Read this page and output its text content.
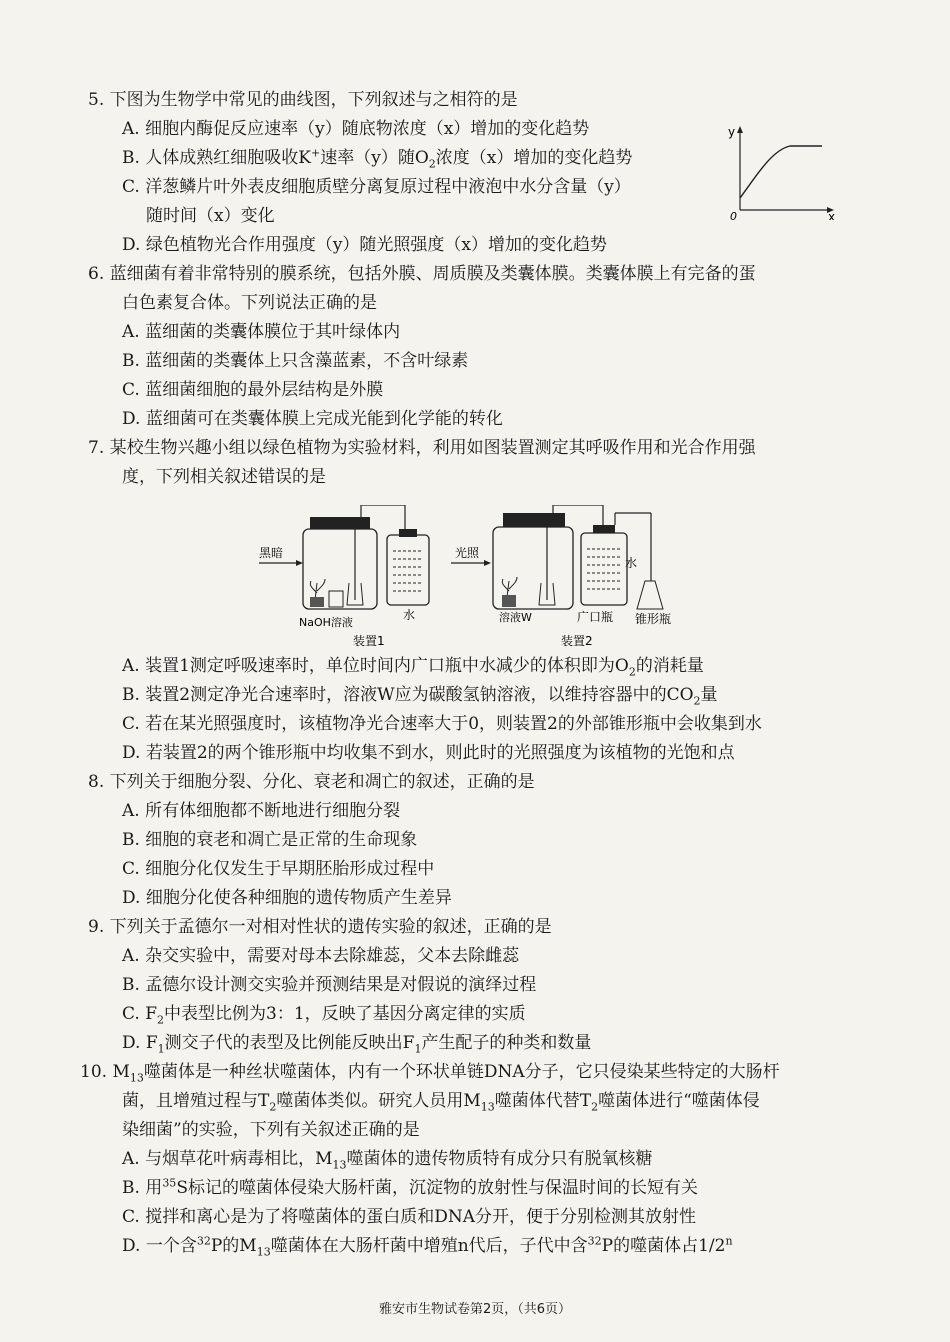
5. 下图为生物学中常见的曲线图，下列叙述与之相符的是
A. 细胞内酶促反应速率（y）随底物浓度（x）增加的变化趋势
B. 人体成熟红细胞吸收K+速率（y）随$O_2$浓度（x）增加的变化趋势
C. 洋葱鳞片叶外表皮细胞质壁分离复原过程中液泡中水分含量（y）
随时间（x）变化
D. 绿色植物光合作用强度（y）随光照强度（x）增加的变化趋势
y
x
0
6. 蓝细菌有着非常特别的膜系统，包括外膜、周质膜及类囊体膜。类囊体膜上有完备的蛋
白色素复合体。下列说法正确的是
A. 蓝细菌的类囊体膜位于其叶绿体内
B. 蓝细菌的类囊体上只含藻蓝素，不含叶绿素
C. 蓝细菌细胞的最外层结构是外膜
D. 蓝细菌可在类囊体膜上完成光能到化学能的转化
7. 某校生物兴趣小组以绿色植物为实验材料，利用如图装置测定其呼吸作用和光合作用强
度，下列相关叙述错误的是
黑暗
NaOH溶液
水
装置1
光照
溶液W
水
广口瓶 锥形瓶
装置2
A. 装置1测定呼吸速率时，单位时间内广口瓶中水减少的体积即为$O_2$的消耗量
B. 装置2测定净光合速率时，溶液W应为碳酸氢钠溶液，以维持容器中的$CO_2$量
C. 若在某光照强度时，该植物净光合速率大于0，则装置2的外部锥形瓶中会收集到水
D. 若装置2的两个锥形瓶中均收集不到水，则此时的光照强度为该植物的光饱和点
8. 下列关于细胞分裂、分化、衰老和凋亡的叙述，正确的是
A. 所有体细胞都不断地进行细胞分裂
B. 细胞的衰老和凋亡是正常的生命现象
C. 细胞分化仅发生于早期胚胎形成过程中
D. 细胞分化使各种细胞的遗传物质产生差异
9. 下列关于孟德尔一对相对性状的遗传实验的叙述，正确的是
A. 杂交实验中，需要对母本去除雄蕊，父本去除雌蕊
B. 孟德尔设计测交实验并预测结果是对假说的演绎过程
C. $F_2$中表型比例为3：1，反映了基因分离定律的实质
D. $F_1$测交子代的表型及比例能反映出$F_1$产生配子的种类和数量
10. $M_{13}$噬菌体是一种丝状噬菌体，内有一个环状单链DNA分子，它只侵染某些特定的大肠杆
菌，且增殖过程与$T_2$噬菌体类似。研究人员用$M_{13}$噬菌体代替$T_2$噬菌体进行“噬菌体侵
染细菌”的实验，下列有关叙述正确的是
A. 与烟草花叶病毒相比，$M_{13}$噬菌体的遗传物质特有成分只有脱氧核糖
B. 用$^{35}$S标记的噬菌体侵染大肠杆菌，沉淀物的放射性与保温时间的长短有关
C. 搅拌和离心是为了将噬菌体的蛋白质和DNA分开，便于分别检测其放射性
D. 一个含$^{32}$P的$M_{13}$噬菌体在大肠杆菌中增殖n代后，子代中含$^{32}$P的噬菌体占1/2$^n$
雅安市生物试卷第2页，（共6页）
